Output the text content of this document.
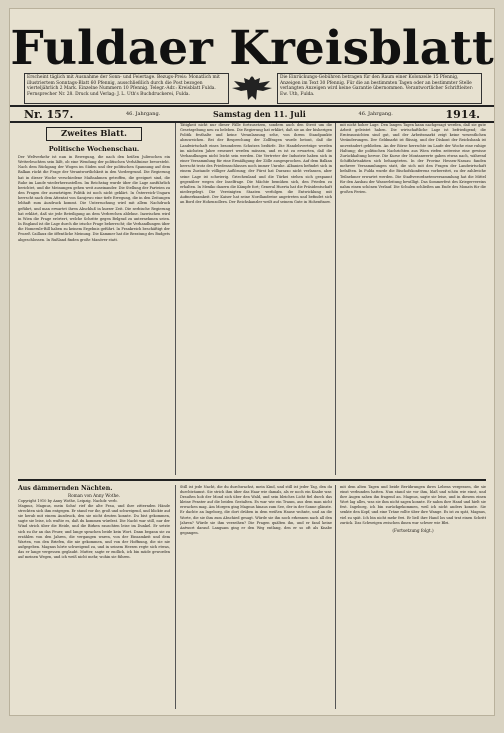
Fuldaer Kreisblatt
Erscheint täglich mit Ausnahme der Sonn- und Feiertage. Bezugs-Preis: Monatlich mit illustriertem Sonntags-Blatt 60 Pfennig, ausschließlich durch die Post bezogen vierteljährlich 2 Mark. Einzelne Nummern 10 Pfennig. Telegr.-Adr.: Kreisblatt Fulda. Fernsprecher Nr. 28. Druck und Verlag: J. L. Uth's Buchdruckerei, Fulda.
Die Einrückungs-Gebühren betragen für den Raum einer Kolonzeile 15 Pfennig, Anzeigen im Text 30 Pfennig. Für die an bestimmten Tagen oder an bestimmter Stelle verlangten Anzeigen wird keine Garantie übernommen. Verantwortlicher Schriftleiter: Ew. Uth, Fulda.
Nr. 157.	46. Jahrgang.	Samstag den 11. Juli	46. Jahrgang.	1914.
Zweites Blatt.
Politische Wochenschau.
Der Weltverkehr ist nun in Bewegung, die nach den heißen Juliwochen ein Wetterleuchten sein läßt, ob eine Wendung der politischen Verhältnisse bevorsteht. Nach dem Rückgang der Wogen im Süden und der politischen Spannung auf dem Balkan rückt die Frage der Verantwortlichkeit in den Vordergrund. Die Regierung hat in dieser Woche verschiedene Maßnahmen getroffen, die geeignet sind, die Ruhe im Lande wiederherzustellen. Im Reichstag wurde über die Lage ausführlich berichtet, und die Meinungen gehen weit auseinander. Die Stellung der Parteien zu den Fragen der auswärtigen Politik ist noch nicht geklärt. In Österreich-Ungarn herrscht nach dem Attentat von Sarajewo eine tiefe Erregung, die in den Zeitungen lebhaft zum Ausdruck kommt. Die Untersuchung wird mit allem Nachdruck geführt, und man erwartet ihren Abschluß in kurzer Zeit. Die serbische Regierung hat erklärt, daß sie jede Beteiligung an dem Verbrechen ablehne. Inzwischen wird in Wien die Frage erörtert, welche Schritte gegen Belgrad zu unternehmen seien. In England ist die Lage durch die irische Frage beherrscht; die Verhandlungen über die Homerule-Bill haben zu keinem Ergebnis geführt. In Frankreich beschäftigt der Prozeß Caillaux die öffentliche Meinung. Die Kammer hat die Beratung des Budgets abgeschlossen. In Rußland finden große Manöver statt.
Tätigkeit nicht nur dieser Fälle fortzusetzen, sondern auch den Streit um die Gesetzgebung neu zu beleben. Die Regierung hat erklärt, daß sie an der bisherigen Politik festhalte und keine Veranlassung sehe, von ihrem Standpunkte abzuweichen. Bei der Besprechung der Zollfragen wurde betont, daß die Landwirtschaft eines besonderen Schutzes bedürfe. Die Handelsverträge werden im nächsten Jahre erneuert werden müssen, und es ist zu erwarten, daß die Verhandlungen nicht leicht sein werden. Die Vertreter der Industrie haben sich in einer Versammlung für eine Ermäßigung der Zölle ausgesprochen. Auf dem Balkan herrscht trotz des Friedensschlusses noch immer Unruhe. Albanien befindet sich in einem Zustande völliger Auflösung; der Fürst hat Durazzo nicht verlassen, aber seine Lage ist schwierig. Griechenland und die Türkei stehen sich gespannt gegenüber wegen der Inselfrage. Die Mächte bemühen sich, den Frieden zu erhalten. In Mexiko dauern die Kämpfe fort; General Huerta hat die Präsidentschaft niedergelegt. Die Vereinigten Staaten verfolgen die Entwicklung mit Aufmerksamkeit. Der Kaiser hat seine Nordlandreise angetreten und befindet sich an Bord der Hohenzollern. Der Reichskanzler weilt auf seinem Gute in Hohenfinow.
mit nicht hoher Lage. Den langen Tagen kann nachgesagt werden, daß sie gute Arbeit geleistet haben. Die wirtschaftliche Lage ist befriedigend; die Ernteaussichten sind gut, und der Arbeitsmarkt zeigt keine wesentlichen Veränderungen. Der Geldmarkt ist flüssig, und der Diskont der Reichsbank ist unverändert geblieben. An der Börse herrschte im Laufe der Woche eine ruhige Haltung; die politischen Nachrichten aus Wien riefen zeitweise eine gewisse Zurückhaltung hervor. Die Kurse der Montanwerte gaben etwas nach, während Schiffahrtsaktien sich behaupteten. In der Provinz Hessen-Nassau fanden mehrere Versammlungen statt, die sich mit den Fragen der Landwirtschaft befaßten. In Fulda wurde die Bischofskonferenz vorbereitet, zu der zahlreiche Teilnehmer erwartet werden. Die Stadtverordnetenversammlung hat die Mittel für den Ausbau der Wasserleitung bewilligt. Das Sommerfest des Kriegervereins nahm einen schönen Verlauf. Die Schulen schließen am Ende des Monats für die großen Ferien.
Aus dämmernden Nächten.
Roman von Anny Wothe.
Copyright 1910 by Anny Wothe, Leipzig. Nachdr. verb.
Magnus, Magnus, mein Sohn! rief die alte Frau, und ihre zitternden Hände streckten sich ihm entgegen. Er stand vor ihr, groß und schweigend, und blickte auf sie herab mit einem Ausdruck, den sie nicht deuten konnte. Du bist gekommen, sagte sie leise, ich wußte es, daß du kommen würdest. Die Nacht war still, nur der Wind strich über die Heide, und die Birken rauschten leise im Dunkel. Er setzte sich zu ihr an das Feuer, und lange sprachen beide kein Wort. Dann begann sie zu erzählen von den Jahren, die vergangen waren, von der Einsamkeit und dem Warten, von den Briefen, die nie gekommen, und von der Hoffnung, die sie nie aufgegeben. Magnus hörte schweigend zu, und in seinem Herzen regte sich etwas, das er lange vergessen geglaubt. Mutter, sagte er endlich, ich bin müde geworden auf meinen Wegen, und ich weiß nicht mehr, wohin sie führen.
Still ist jede Nacht, die du durchwachst, mein Kind, und still ist jeder Tag, den du durchträumst. Sie strich ihm über das Haar wie damals, als er noch ein Knabe war. Draußen hob der Mond sich über den Wald, und sein bleiches Licht fiel durch das kleine Fenster auf die beiden Gestalten. Es war wie ein Traum, aus dem man nicht erwachen mag. Am Morgen ging Magnus hinaus zum See, der in der Sonne glänzte. Er dachte an Ingeborg, die dort drüben in dem weißen Hause wohnte, und an die Worte, die sie ihm zum Abschied gesagt. Würde sie ihn noch erkennen nach all den Jahren? Würde sie ihm verzeihen? Die Fragen quälten ihn, und er fand keine Antwort darauf. Langsam ging er den Weg entlang, den er so oft als Knabe gegangen.
mit dem alten Tagen und beide Berührungen ihres Lebens vergessen, die sie einst verbunden hatten. Nun stand sie vor ihm, blaß und schön wie einst, und ihre Augen sahen ihn fragend an. Magnus, sagte sie leise, und in diesem einen Wort lag alles, was sie ihm nicht sagen konnte. Er nahm ihre Hand und hielt sie fest. Ingeborg, ich bin zurückgekommen, weil ich nicht anders konnte. Sie senkte den Kopf, und eine Träne rollte über ihre Wange. Es ist zu spät, Magnus, viel zu spät. Ich bin nicht mehr frei. Er ließ ihre Hand los und trat einen Schritt zurück. Das Schweigen zwischen ihnen war schwer wie Blei.
(Fortsetzung folgt.)
